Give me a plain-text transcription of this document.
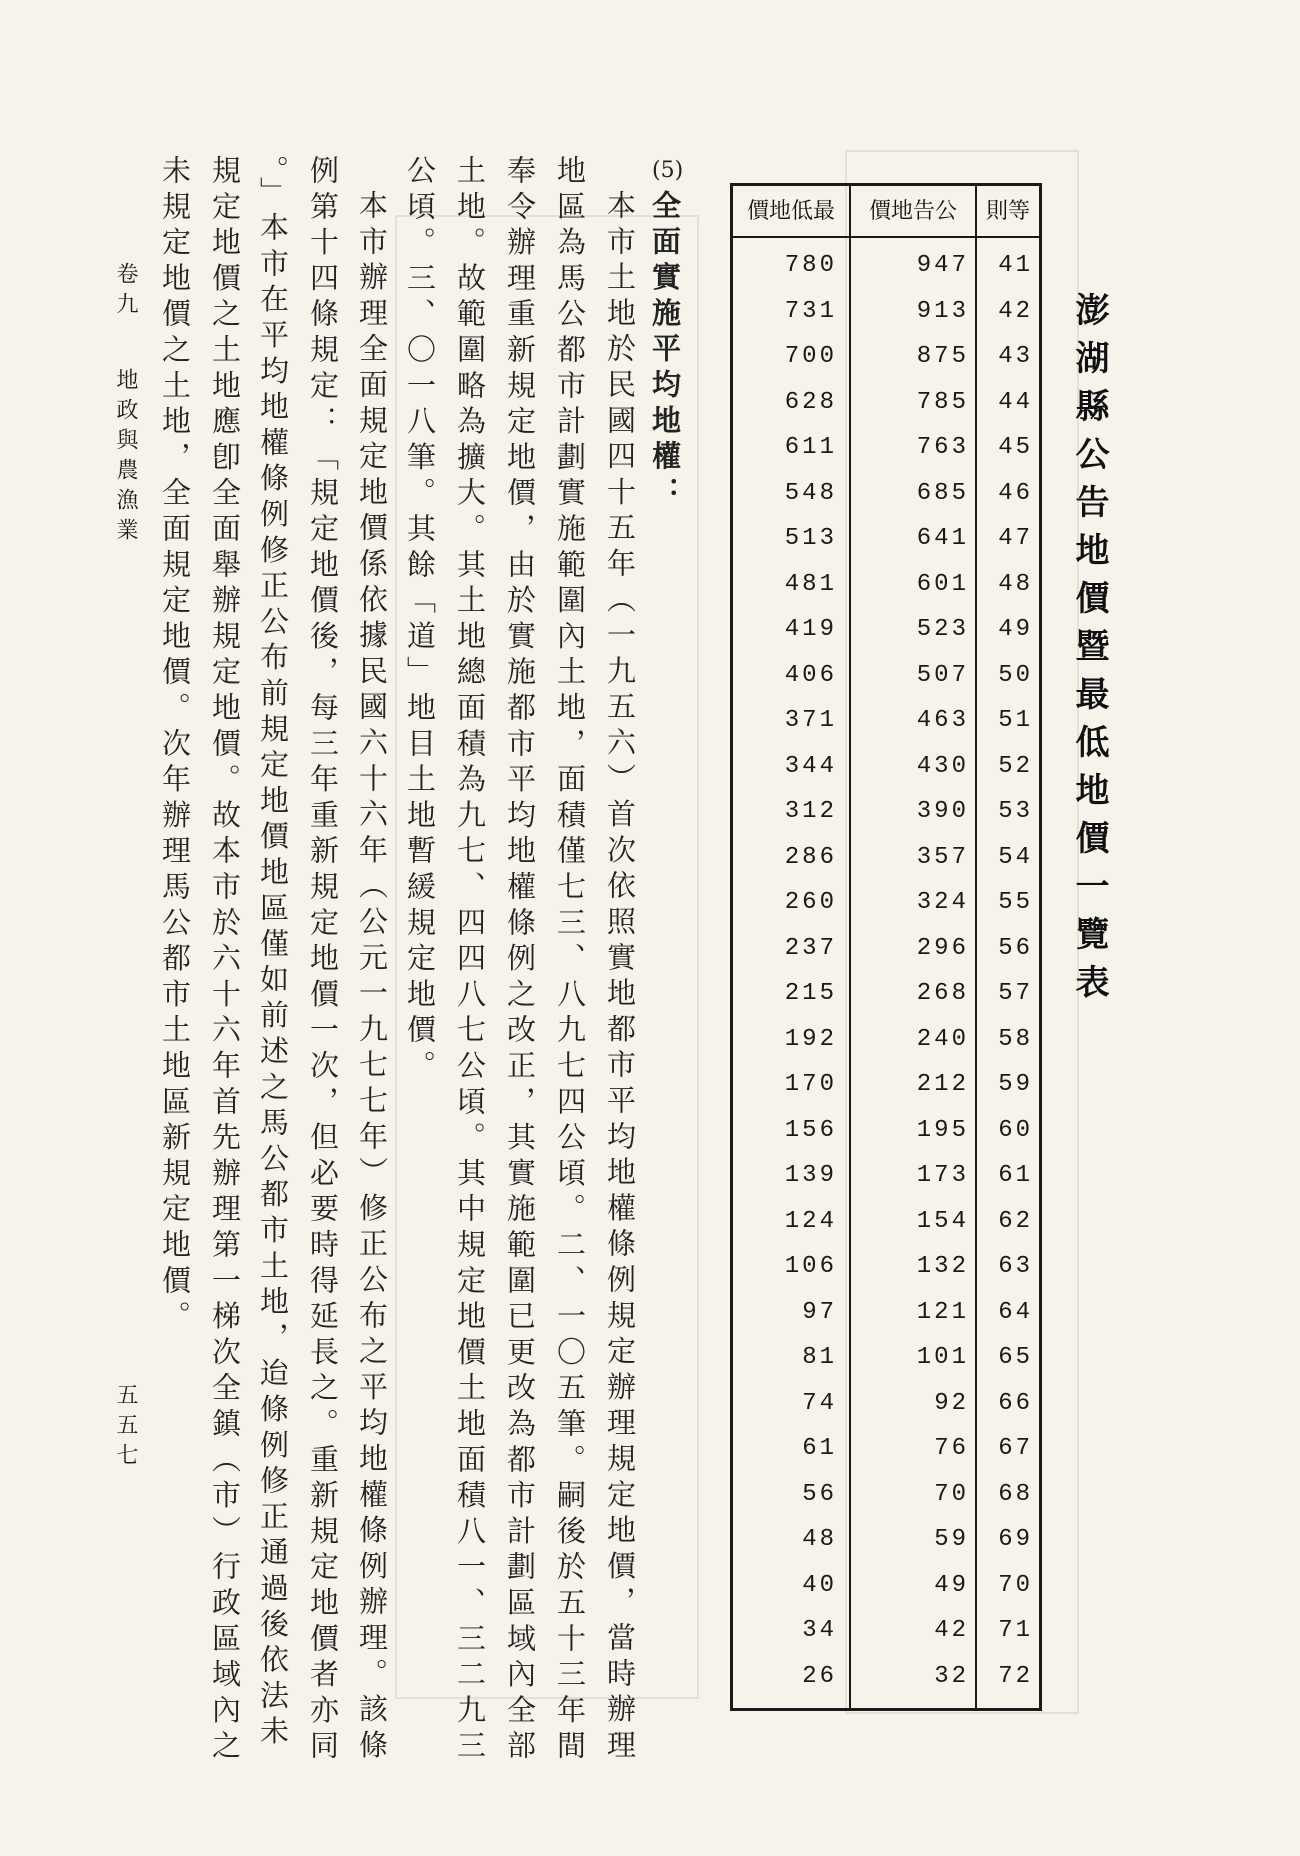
澎湖縣公告地價暨最低地價一覽表
價地低最	價地告公	則等
780	947	41
731	913	42
700	875	43
628	785	44
611	763	45
548	685	46
513	641	47
481	601	48
419	523	49
406	507	50
371	463	51
344	430	52
312	390	53
286	357	54
260	324	55
237	296	56
215	268	57
192	240	58
170	212	59
156	195	60
139	173	61
124	154	62
106	132	63
97	121	64
81	101	65
74	92	66
61	76	67
56	70	68
48	59	69
40	49	70
34	42	71
26	32	72
(5)
全面實施平均地權：
本市土地於民國四十五年（一九五六）首次依照實地都市平均地權條例規定辦理規定地價，當時辦理
地區為馬公都市計劃實施範圍內土地，面積僅七三、八九七四公頃。二、一〇五筆。嗣後於五十三年間
奉令辦理重新規定地價，由於實施都市平均地權條例之改正，其實施範圍已更改為都市計劃區域內全部
土地。故範圍略為擴大。其土地總面積為九七、四四八七公頃。其中規定地價土地面積八一、三二九三
公頃。三、〇一八筆。其餘「道」地目土地暫緩規定地價。
本市辦理全面規定地價係依據民國六十六年（公元一九七七年）修正公布之平均地權條例辦理。該條
例第十四條規定：「規定地價後，每三年重新規定地價一次，但必要時得延長之。重新規定地價者亦同
。」本市在平均地權條例修正公布前規定地價地區僅如前述之馬公都市土地，迨條例修正通過後依法未
規定地價之土地應卽全面舉辦規定地價。故本市於六十六年首先辦理第一梯次全鎮（市）行政區域內之
未規定地價之土地，全面規定地價。次年辦理馬公都市土地區新規定地價。
卷九
地政與農漁業
五五七
